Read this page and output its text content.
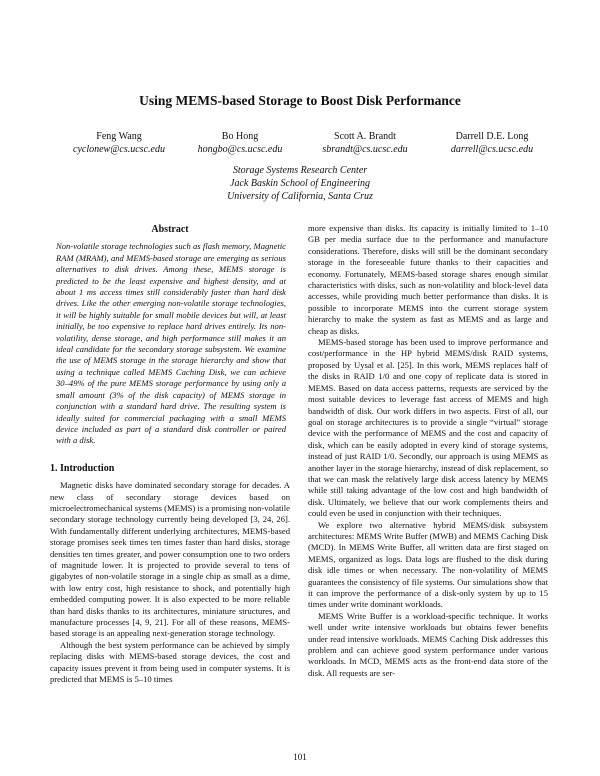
Using MEMS-based Storage to Boost Disk Performance
Feng Wang
cyclonew@cs.ucsc.edu
Bo Hong
hongbo@cs.ucsc.edu
Scott A. Brandt
sbrandt@cs.ucsc.edu
Darrell D.E. Long
darrell@cs.ucsc.edu
Storage Systems Research Center
Jack Baskin School of Engineering
University of California, Santa Cruz
Abstract

Non-volatile storage technologies such as flash memory, Magnetic RAM (MRAM), and MEMS-based storage are emerging as serious alternatives to disk drives. Among these, MEMS storage is predicted to be the least expensive and highest density, and at about 1 ms access times still considerably faster than hard disk drives. Like the other emerging non-volatile storage technologies, it will be highly suitable for small mobile devices but will, at least initially, be too expensive to replace hard drives entirely. Its non-volatility, dense storage, and high performance still makes it an ideal candidate for the secondary storage subsystem. We examine the use of MEMS storage in the storage hierarchy and show that using a technique called MEMS Caching Disk, we can achieve 30–49% of the pure MEMS storage performance by using only a small amount (3% of the disk capacity) of MEMS storage in conjunction with a standard hard drive. The resulting system is ideally suited for commercial packaging with a small MEMS device included as part of a standard disk controller or paired with a disk.

1. Introduction

Magnetic disks have dominated secondary storage for decades. A new class of secondary storage devices based on microelectromechanical systems (MEMS) is a promising non-volatile secondary storage technology currently being developed [3, 24, 26]. With fundamentally different underlying architectures, MEMS-based storage promises seek times ten times faster than hard disks, storage densities ten times greater, and power consumption one to two orders of magnitude lower. It is projected to provide several to tens of gigabytes of non-volatile storage in a single chip as small as a dime, with low entry cost, high resistance to shock, and potentially high embedded computing power. It is also expected to be more reliable than hard disks thanks to its architectures, miniature structures, and manufacture processes [4, 9, 21]. For all of these reasons, MEMS-based storage is an appealing next-generation storage technology.

Although the best system performance can be achieved by simply replacing disks with MEMS-based storage devices, the cost and capacity issues prevent it from being used in computer systems. It is predicted that MEMS is 5–10 times

more expensive than disks. Its capacity is initially limited to 1–10 GB per media surface due to the performance and manufacture considerations. Therefore, disks will still be the dominant secondary storage in the foreseeable future thanks to their capacities and economy. Fortunately, MEMS-based storage shares enough similar characteristics with disks, such as non-volatility and block-level data accesses, while providing much better performance than disks. It is possible to incorporate MEMS into the current storage system hierarchy to make the system as fast as MEMS and as large and cheap as disks.

MEMS-based storage has been used to improve performance and cost/performance in the HP hybrid MEMS/disk RAID systems, proposed by Uysal et al. [25]. In this work, MEMS replaces half of the disks in RAID 1/0 and one copy of replicate data is stored in MEMS. Based on data access patterns, requests are serviced by the most suitable devices to leverage fast access of MEMS and high bandwidth of disk. Our work differs in two aspects. First of all, our goal on storage architectures is to provide a single “virtual” storage device with the performance of MEMS and the cost and capacity of disk, which can be easily adopted in every kind of storage systems, instead of just RAID 1/0. Secondly, our approach is using MEMS as another layer in the storage hierarchy, instead of disk replacement, so that we can mask the relatively large disk access latency by MEMS while still taking advantage of the low cost and high bandwidth of disk. Ultimately, we believe that our work complements theirs and could even be used in conjunction with their techniques.

We explore two alternative hybrid MEMS/disk subsystem architectures: MEMS Write Buffer (MWB) and MEMS Caching Disk (MCD). In MEMS Write Buffer, all written data are first staged on MEMS, organized as logs. Data logs are flushed to the disk during disk idle times or when necessary. The non-volatility of MEMS guarantees the consistency of file systems. Our simulations show that it can improve the performance of a disk-only system by up to 15 times under write dominant workloads.

MEMS Write Buffer is a workload-specific technique. It works well under write intensive workloads but obtains fewer benefits under read intensive workloads. MEMS Caching Disk addresses this problem and can achieve good system performance under various workloads. In MCD, MEMS acts as the front-end data store of the disk. All requests are ser-

101
